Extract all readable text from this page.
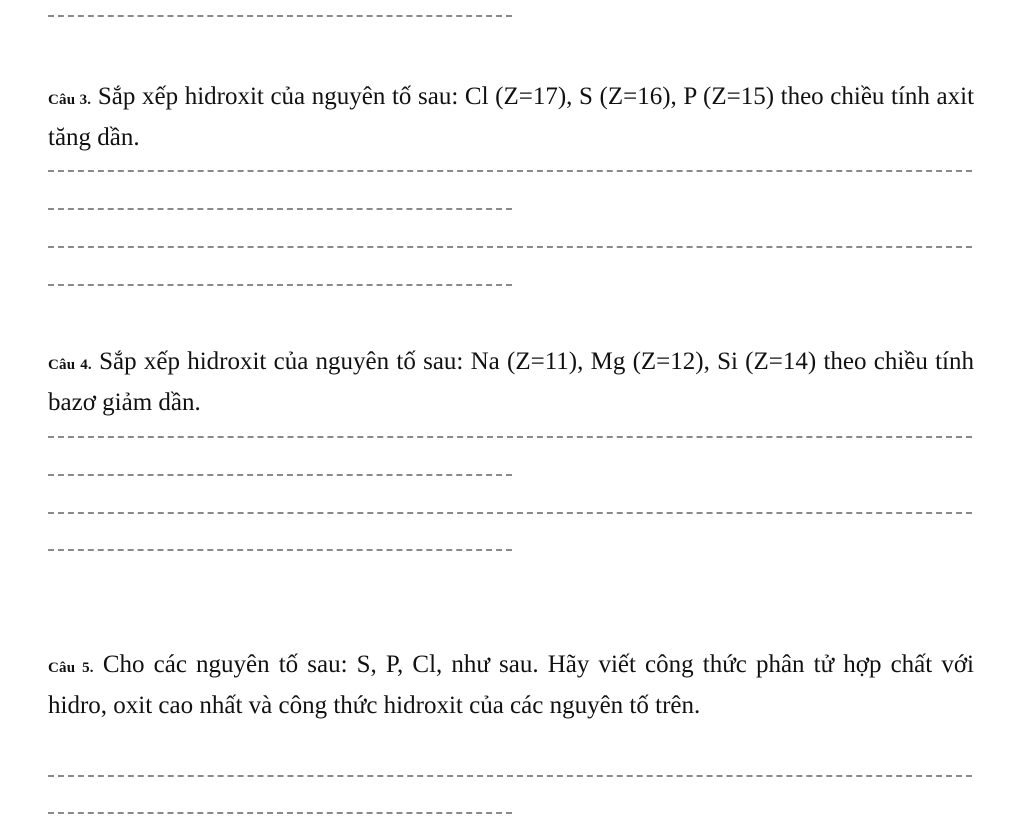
Câu 3. Sắp xếp hidroxit của nguyên tố sau: Cl (Z=17), S (Z=16), P (Z=15) theo chiều tính axit tăng dần.

Câu 4. Sắp xếp hidroxit của nguyên tố sau: Na (Z=11), Mg (Z=12), Si (Z=14) theo chiều tính bazơ giảm dần.

Câu 5. Cho các nguyên tố sau: S, P, Cl, như sau. Hãy viết công thức phân tử hợp chất với hidro, oxit cao nhất và công thức hidroxit của các nguyên tố trên.
